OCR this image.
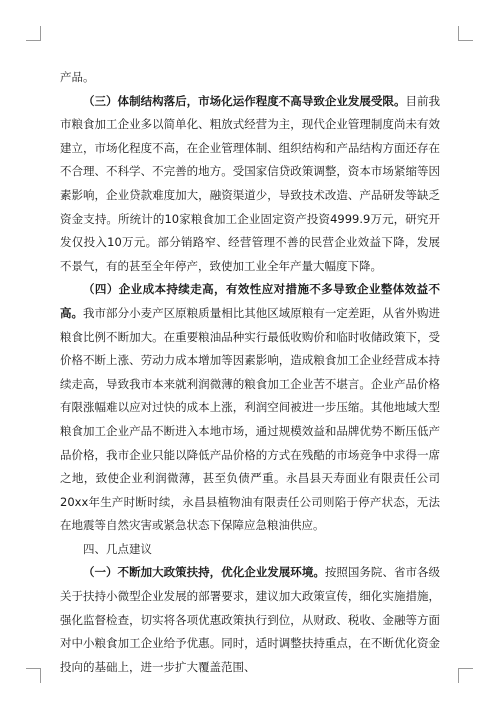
产品。

（三）体制结构落后，市场化运作程度不高导致企业发展受限。目前我市粮食加工企业多以简单化、粗放式经营为主，现代企业管理制度尚未有效建立，市场化程度不高，在企业管理体制、组织结构和产品结构方面还存在不合理、不科学、不完善的地方。受国家信贷政策调整，资本市场紧缩等因素影响，企业贷款难度加大，融资渠道少，导致技术改造、产品研发等缺乏资金支持。所统计的10家粮食加工企业固定资产投资4999.9万元，研究开发仅投入10万元。部分销路窄、经营管理不善的民营企业效益下降，发展不景气，有的甚至全年停产，致使加工业全年产量大幅度下降。

（四）企业成本持续走高，有效性应对措施不多导致企业整体效益不高。我市部分小麦产区原粮质量相比其他区域原粮有一定差距，从省外购进粮食比例不断加大。在重要粮油品种实行最低收购价和临时收储政策下，受价格不断上涨、劳动力成本增加等因素影响，造成粮食加工企业经营成本持续走高，导致我市本来就利润微薄的粮食加工企业苦不堪言。企业产品价格有限涨幅难以应对过快的成本上涨，利润空间被进一步压缩。其他地域大型粮食加工企业产品不断进入本地市场，通过规模效益和品牌优势不断压低产品价格，我市企业只能以降低产品价格的方式在残酷的市场竞争中求得一席之地，致使企业利润微薄，甚至负债严重。永昌县天寿面业有限责任公司20xx年生产时断时续，永昌县植物油有限责任公司则陷于停产状态，无法在地震等自然灾害或紧急状态下保障应急粮油供应。

四、几点建议

（一）不断加大政策扶持，优化企业发展环境。按照国务院、省市各级关于扶持小微型企业发展的部署要求，建议加大政策宣传，细化实施措施，强化监督检查，切实将各项优惠政策执行到位，从财政、税收、金融等方面对中小粮食加工企业给予优惠。同时，适时调整扶持重点，在不断优化资金投向的基础上，进一步扩大覆盖范围、
